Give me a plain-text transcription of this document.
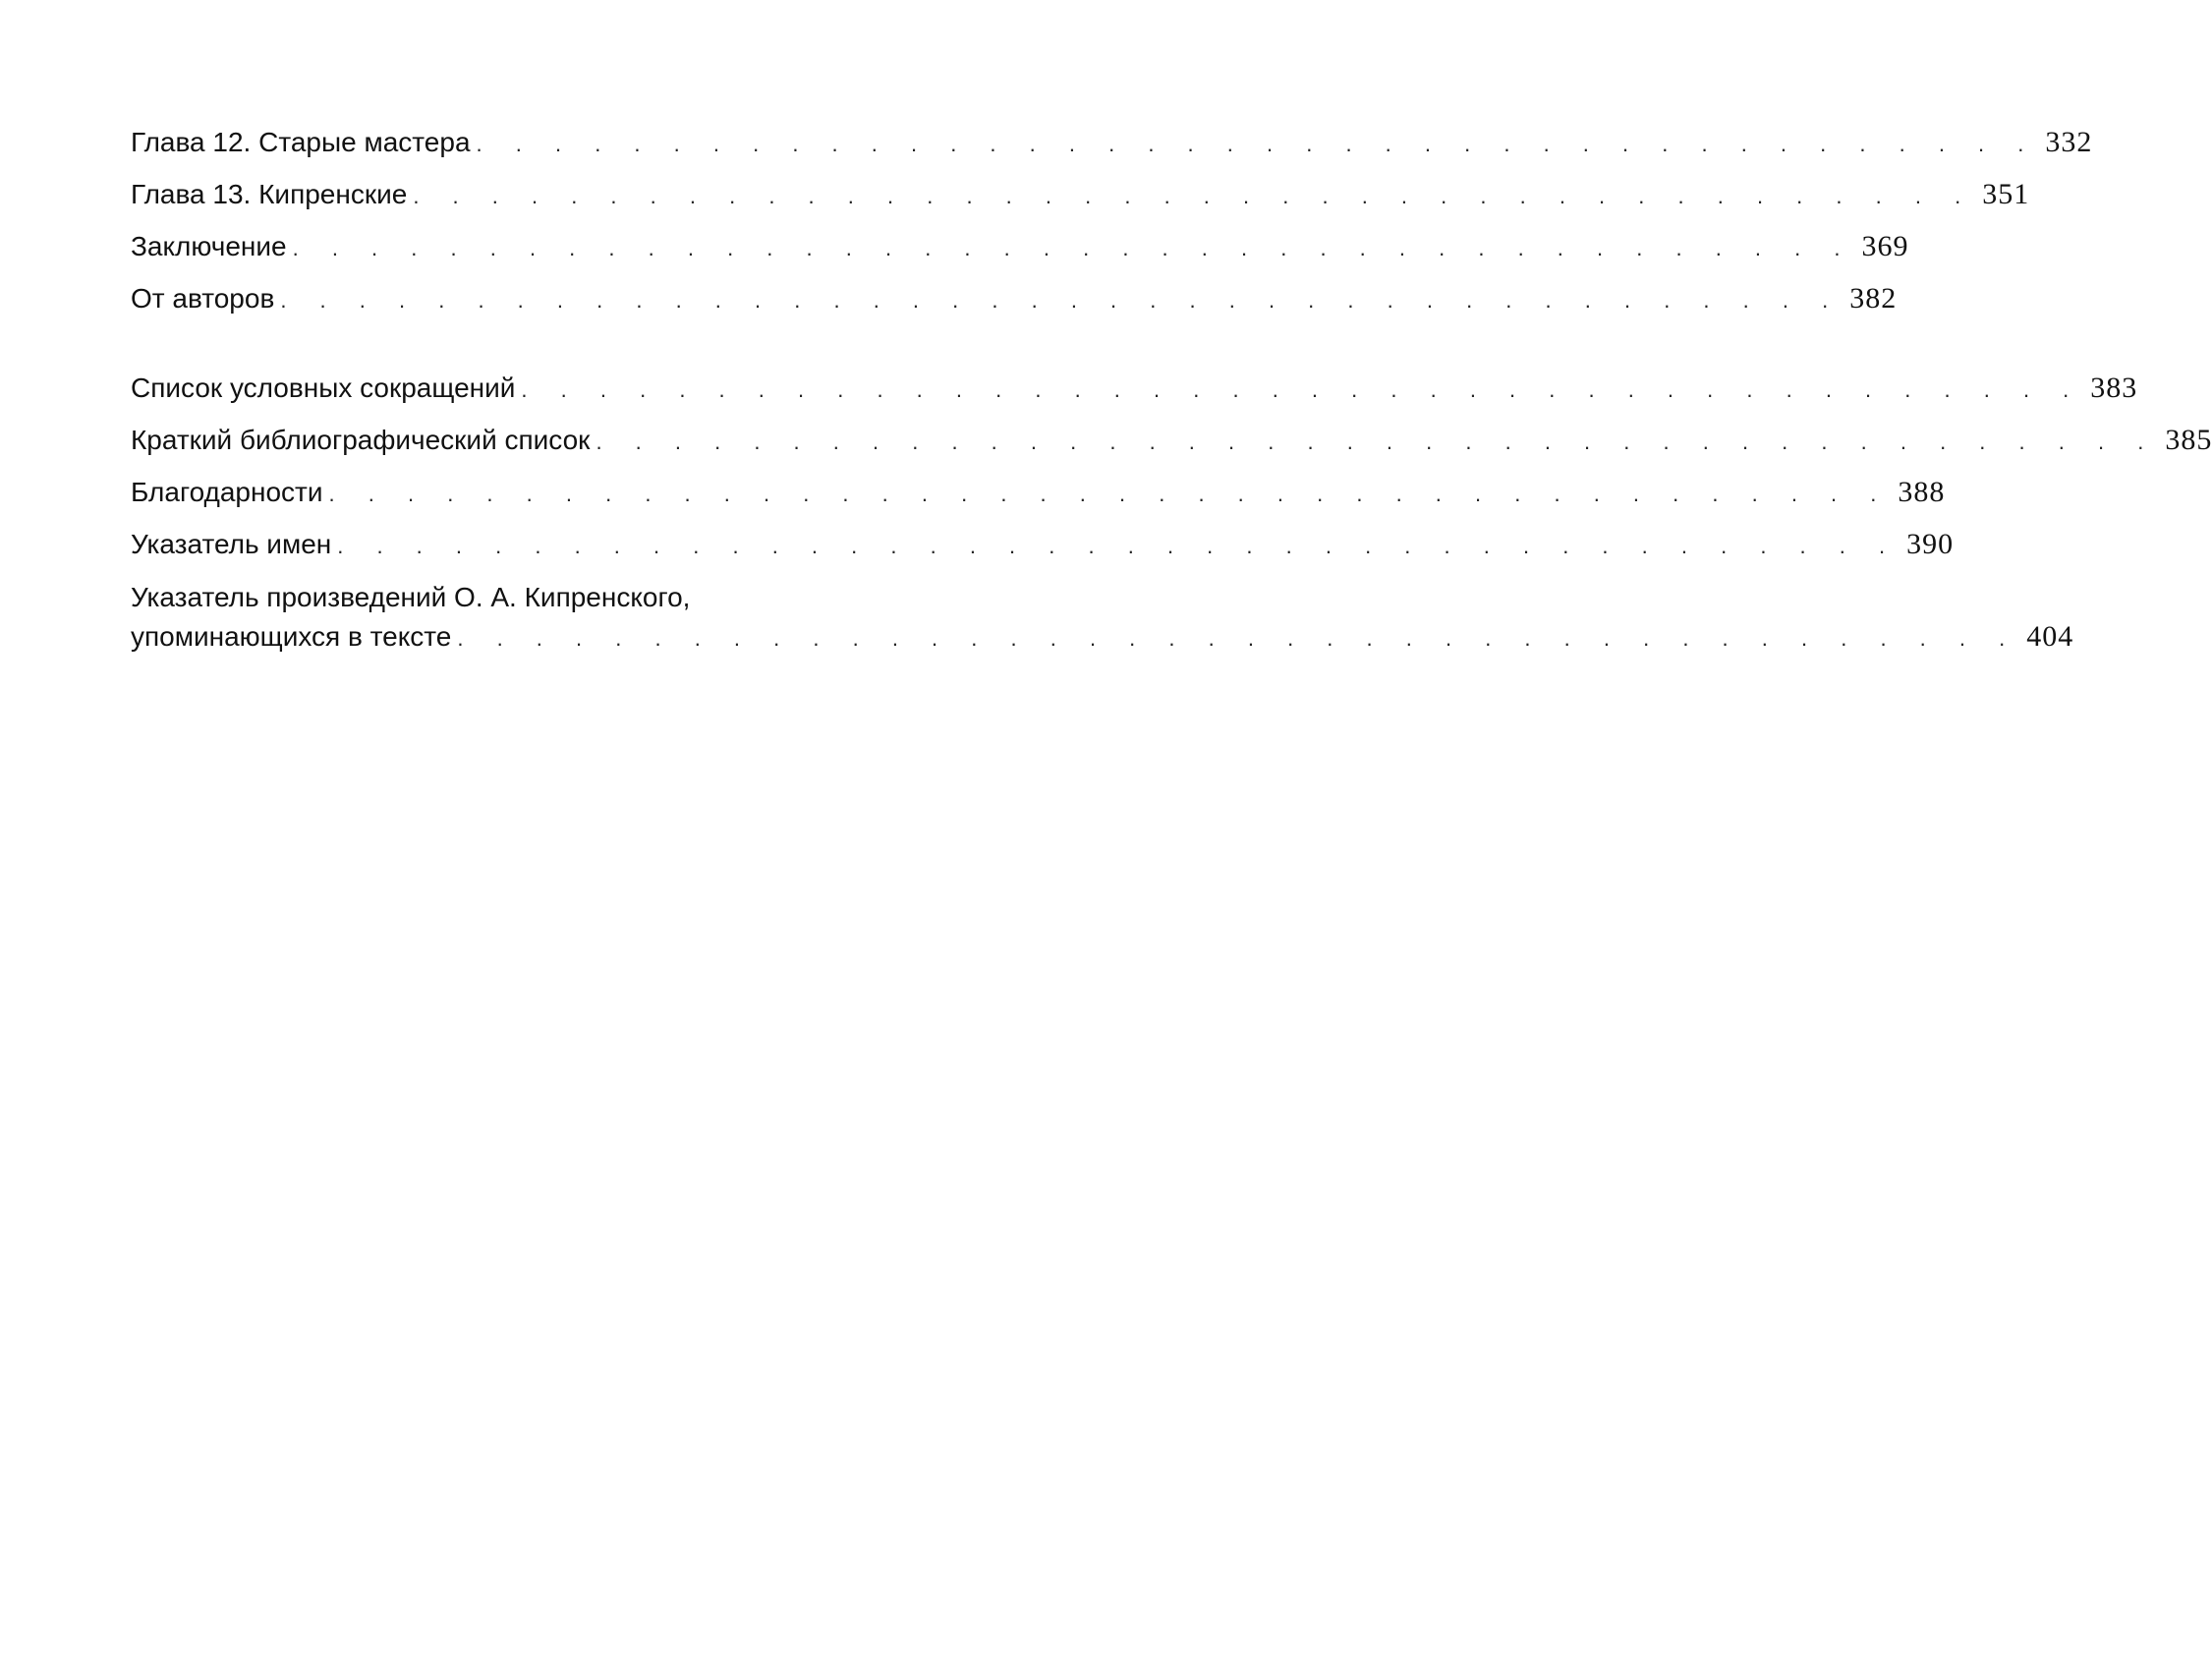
Глава 12. Старые мастера . . . . . . . . . . . . . . . . . . . . . . . . . . . . . . . . . . . . . . . . 332
Глава 13. Кипренские . . . . . . . . . . . . . . . . . . . . . . . . . . . . . . . . . . . . . . . . 351
Заключение . . . . . . . . . . . . . . . . . . . . . . . . . . . . . . . . . . . . . . . . 369
От авторов . . . . . . . . . . . . . . . . . . . . . . . . . . . . . . . . . . . . . . . . 382
Список условных сокращений . . . . . . . . . . . . . . . . . . . . . . . . . . . . . . . . . . . . . . . . 383
Краткий библиографический список . . . . . . . . . . . . . . . . . . . . . . . . . . . . . . . . . . . . . . . . 385
Благодарности . . . . . . . . . . . . . . . . . . . . . . . . . . . . . . . . . . . . . . . . 388
Указатель имен . . . . . . . . . . . . . . . . . . . . . . . . . . . . . . . . . . . . . . . . 390
Указатель произведений О. А. Кипренского,
упоминающихся в тексте . . . . . . . . . . . . . . . . . . . . . . . . . . . . . . . . . . . . . . . . 404
